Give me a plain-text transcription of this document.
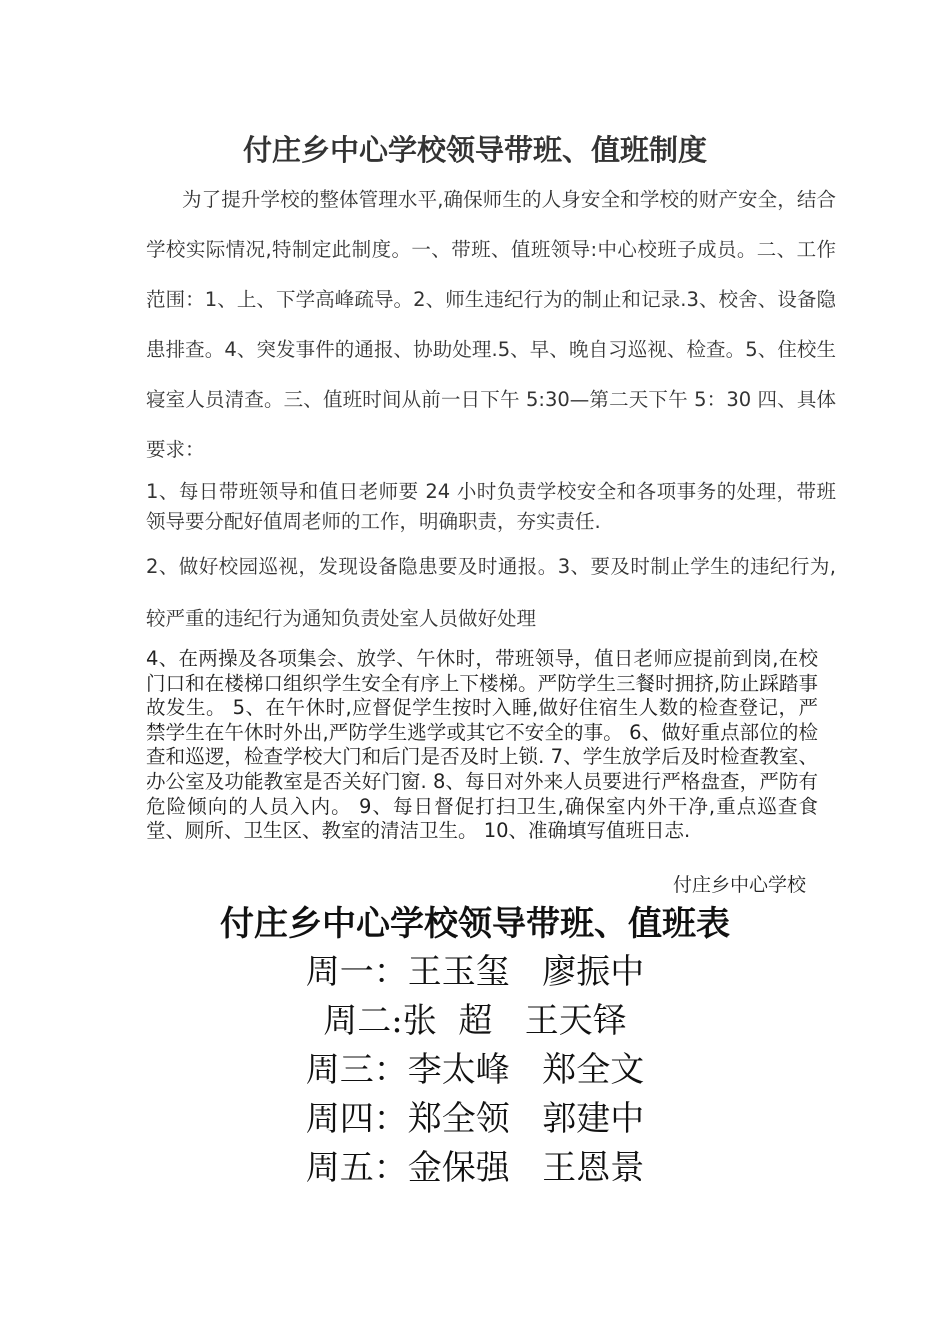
付庄乡中心学校领导带班、值班制度

为了提升学校的整体管理水平,确保师生的人身安全和学校的财产安全，结合学校实际情况,特制定此制度。一、带班、值班领导:中心校班子成员。二、工作范围：1、上、下学高峰疏导。2、师生违纪行为的制止和记录.3、校舍、设备隐患排查。4、突发事件的通报、协助处理.5、早、晚自习巡视、检查。5、住校生寝室人员清查。三、值班时间从前一日下午 5:30—第二天下午 5：30 四、具体要求：

1、每日带班领导和值日老师要 24 小时负责学校安全和各项事务的处理，带班领导要分配好值周老师的工作，明确职责，夯实责任.

2、做好校园巡视，发现设备隐患要及时通报。3、要及时制止学生的违纪行为,较严重的违纪行为通知负责处室人员做好处理

4、在两操及各项集会、放学、午休时，带班领导，值日老师应提前到岗,在校门口和在楼梯口组织学生安全有序上下楼梯。严防学生三餐时拥挤,防止踩踏事故发生。 5、在午休时,应督促学生按时入睡,做好住宿生人数的检查登记，严禁学生在午休时外出,严防学生逃学或其它不安全的事。 6、做好重点部位的检查和巡逻，检查学校大门和后门是否及时上锁. 7、学生放学后及时检查教室、办公室及功能教室是否关好门窗. 8、每日对外来人员要进行严格盘查，严防有危险倾向的人员入内。 9、每日督促打扫卫生,确保室内外干净,重点巡查食堂、厕所、卫生区、教室的清洁卫生。 10、准确填写值班日志.

付庄乡中心学校

付庄乡中心学校领导带班、值班表
周一：王玉玺   廖振中
周二:张  超   王天铎
周三：李太峰   郑全文
周四：郑全领   郭建中
周五：金保强   王恩景
